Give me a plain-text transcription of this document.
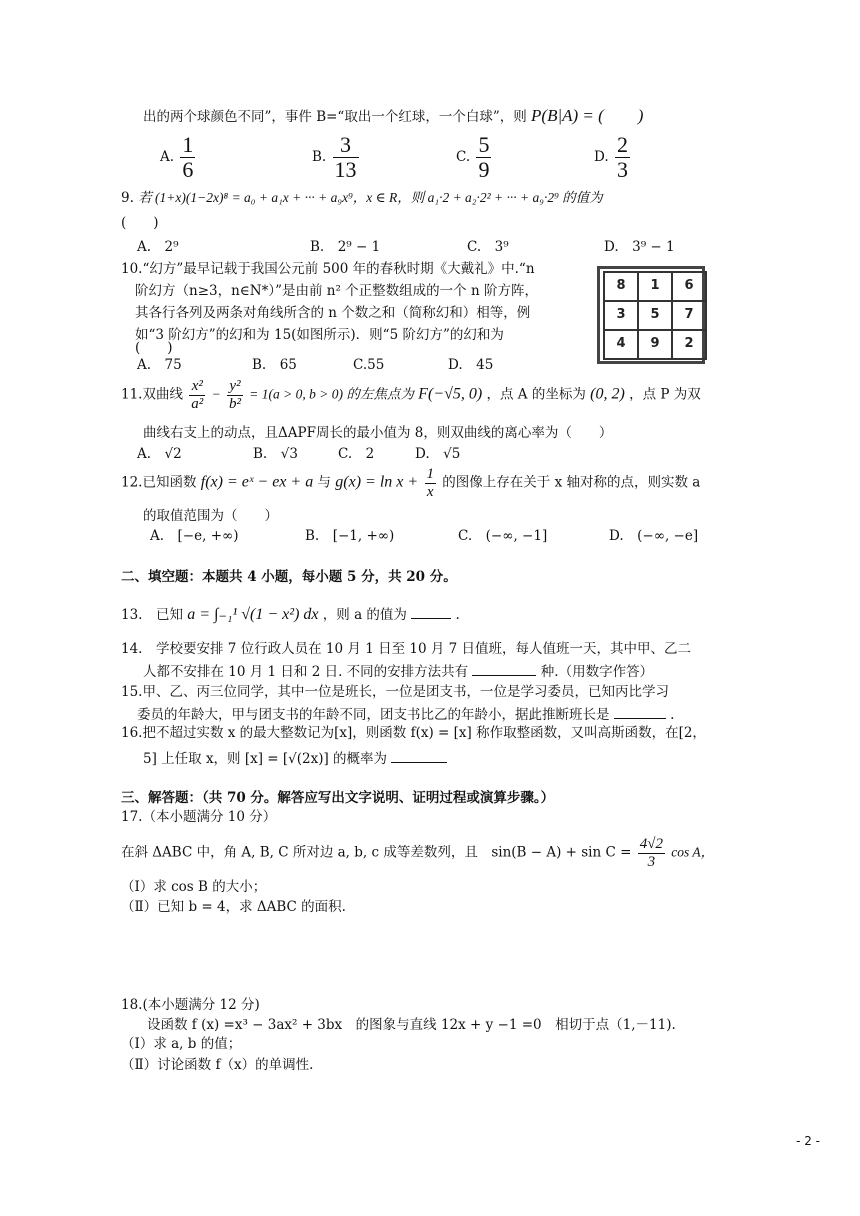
出的两个球颜色不同”，事件 B=“取出一个红球，一个白球”，则 P(B|A) = (　　)
A. $\frac{1}{6}$	B. $\frac{3}{13}$	C. $\frac{5}{9}$	D. $\frac{2}{3}$
9. 若 (1+x)(1−2x)⁸ = a₀ + a₁x + ··· + a₉x⁹，x ∈ R，则 a₁·2 + a₂·2² + ··· + a₉·2⁹ 的值为
(　　)
A.　2⁹	B.　2⁹ − 1	C.　3⁹	D.　3⁹ − 1
10.“幻方”最早记载于我国公元前 500 年的春秋时期《大戴礼》中.“n
阶幻方（n≥3，n∈N*）”是由前 n² 个正整数组成的一个 n 阶方阵，
其各行各列及两条对角线所含的 n 个数之和（简称幻和）相等，例
如“3 阶幻方”的幻和为 15(如图所示)．则“5 阶幻方”的幻和为
(　　)
A.　75	B.　65	C.55	D.　45
8	1	6
3	5	7
4	9	2
11.双曲线 $\frac{\text{x²}}{\text{a²}} - \frac{\text{y²}}{\text{b²}} = 1(a > 0$, b > 0) 的左焦点为 F(−√5, 0) ，点 A 的坐标为 (0, 2) ，点 P 为双
曲线右支上的动点，且ΔAPF周长的最小值为 8，则双曲线的离心率为（　　）
A.　√2	B.　√3	C.　2	D.　√5
12.已知函数 f(x) = eˣ − ex + a 与 $g(x) = \ln x + \frac{1}{x}$ 的图像上存在关于 x 轴对称的点，则实数 a
的取值范围为（　　）
A.　[−e, +∞)	B.　[−1, +∞)	C.　(−∞, −1]	D.　(−∞, −e]
二、填空题：本题共 4 小题，每小题 5 分，共 20 分。
13.　已知 a = ∫₋₁¹ √(1 − x²) dx ，则 a 的值为	.
14.　学校要安排 7 位行政人员在 10 月 1 日至 10 月 7 日值班，每人值班一天，其中甲、乙二
人都不安排在 10 月 1 日和 2 日. 不同的安排方法共有	种.（用数字作答）
15.甲、乙、丙三位同学，其中一位是班长，一位是团支书，一位是学习委员，已知丙比学习
委员的年龄大，甲与团支书的年龄不同，团支书比乙的年龄小，据此推断班长是	.
16.把不超过实数 x 的最大整数记为[x]，则函数 f(x) = [x] 称作取整函数，又叫高斯函数，在[2，
5] 上任取 x，则 [x] = [√(2x)] 的概率为
三、解答题：（共 70 分。解答应写出文字说明、证明过程或演算步骤。）
17.（本小题满分 10 分）
在斜 ΔABC 中，角 A, B, C 所对边 a, b, c 成等差数列，且　$\sin(B - A) + \sin C = \frac{4√2}{3}$ cos A，
（Ⅰ）求 cos B 的大小；
（Ⅱ）已知 b = 4，求 ΔABC 的面积.
18.(本小题满分 12 分)
设函数 f (x) =x³ − 3ax² + 3bx　的图象与直线 12x + y −1 =0　相切于点（1,－11).
（Ⅰ）求 a, b 的值；
（Ⅱ）讨论函数 f（x）的单调性.
- 2 -
